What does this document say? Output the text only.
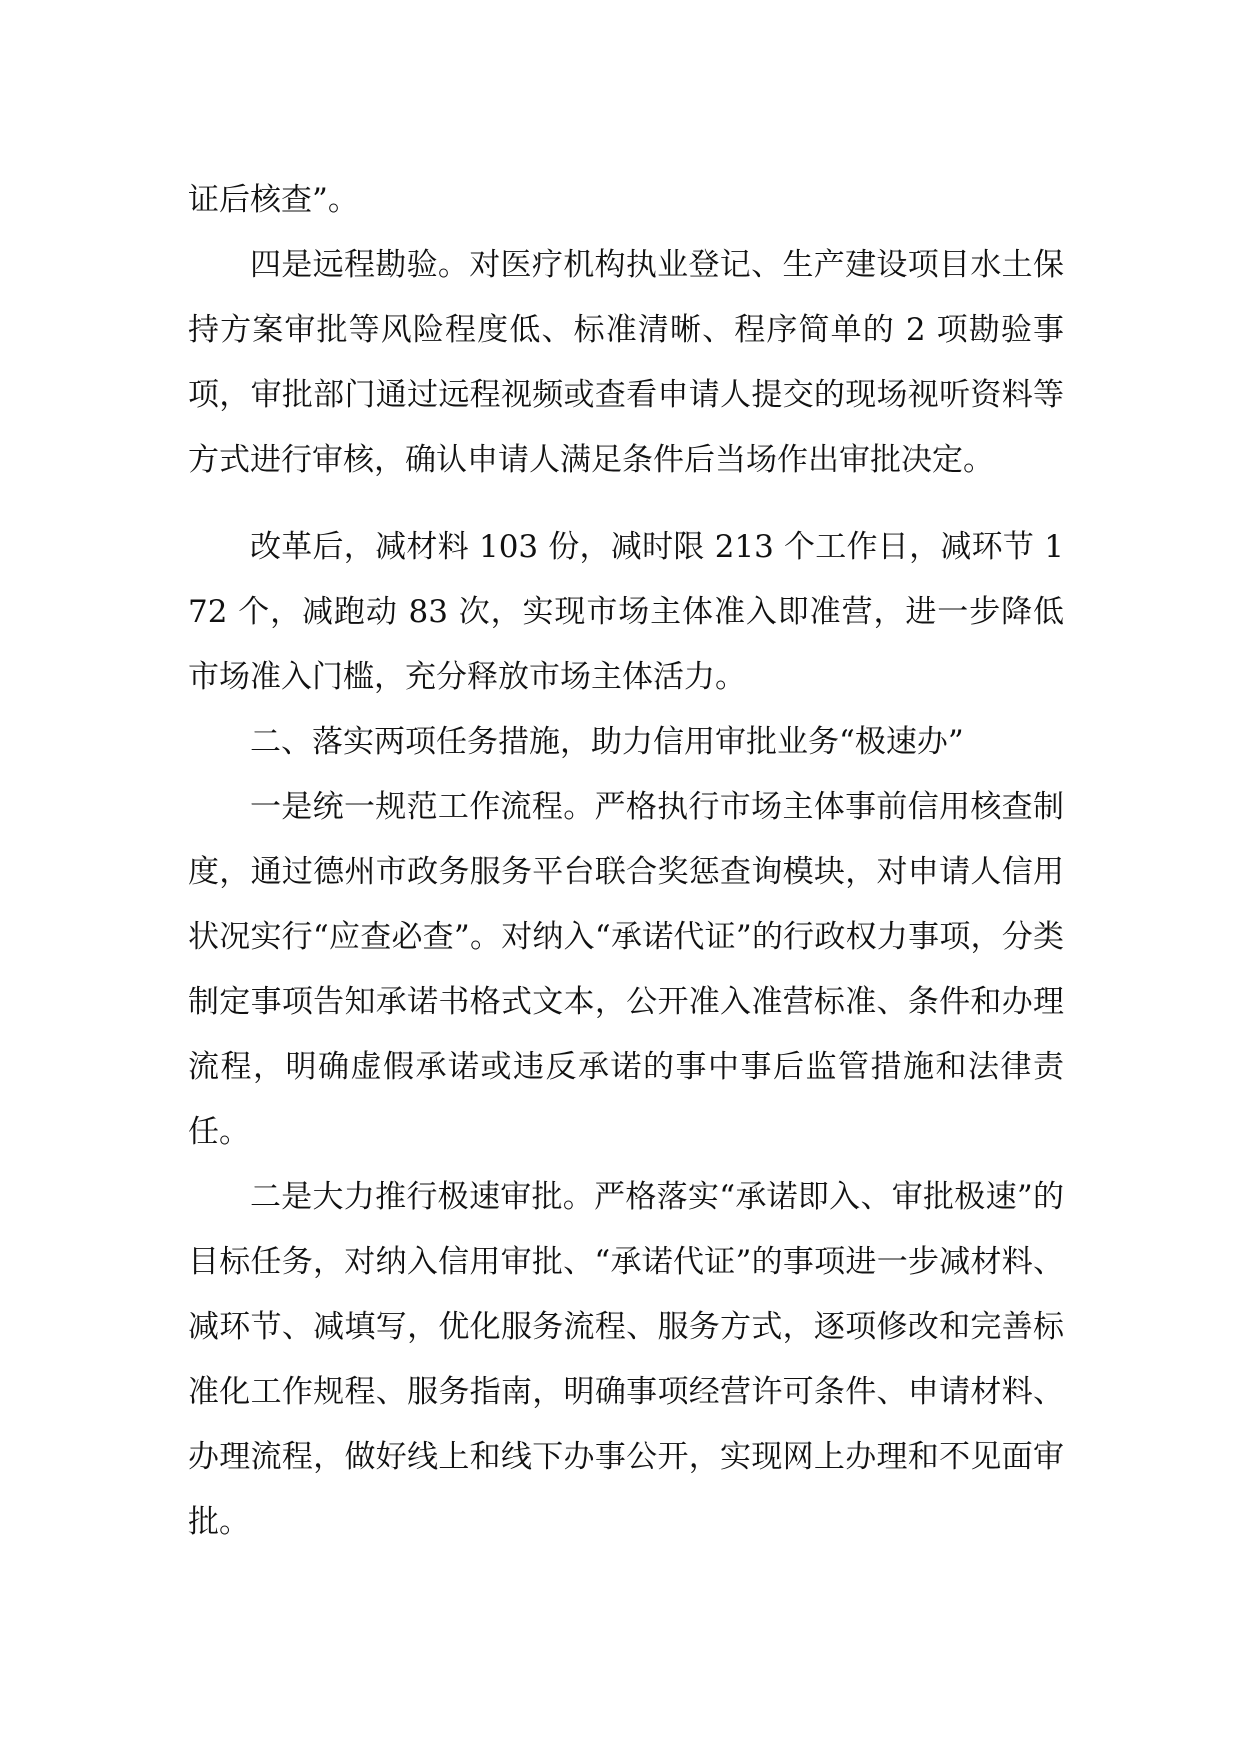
证后核查”。

四是远程勘验。对医疗机构执业登记、生产建设项目水土保持方案审批等风险程度低、标准清晰、程序简单的 2 项勘验事项，审批部门通过远程视频或查看申请人提交的现场视听资料等方式进行审核，确认申请人满足条件后当场作出审批决定。

改革后，减材料 103 份，减时限 213 个工作日，减环节 172 个，减跑动 83 次，实现市场主体准入即准营，进一步降低市场准入门槛，充分释放市场主体活力。

二、落实两项任务措施，助力信用审批业务“极速办”

一是统一规范工作流程。严格执行市场主体事前信用核查制度，通过德州市政务服务平台联合奖惩查询模块，对申请人信用状况实行“应查必查”。对纳入“承诺代证”的行政权力事项，分类制定事项告知承诺书格式文本，公开准入准营标准、条件和办理流程，明确虚假承诺或违反承诺的事中事后监管措施和法律责任。

二是大力推行极速审批。严格落实“承诺即入、审批极速”的目标任务，对纳入信用审批、“承诺代证”的事项进一步减材料、减环节、减填写，优化服务流程、服务方式，逐项修改和完善标准化工作规程、服务指南，明确事项经营许可条件、申请材料、办理流程，做好线上和线下办事公开，实现网上办理和不见面审批。
